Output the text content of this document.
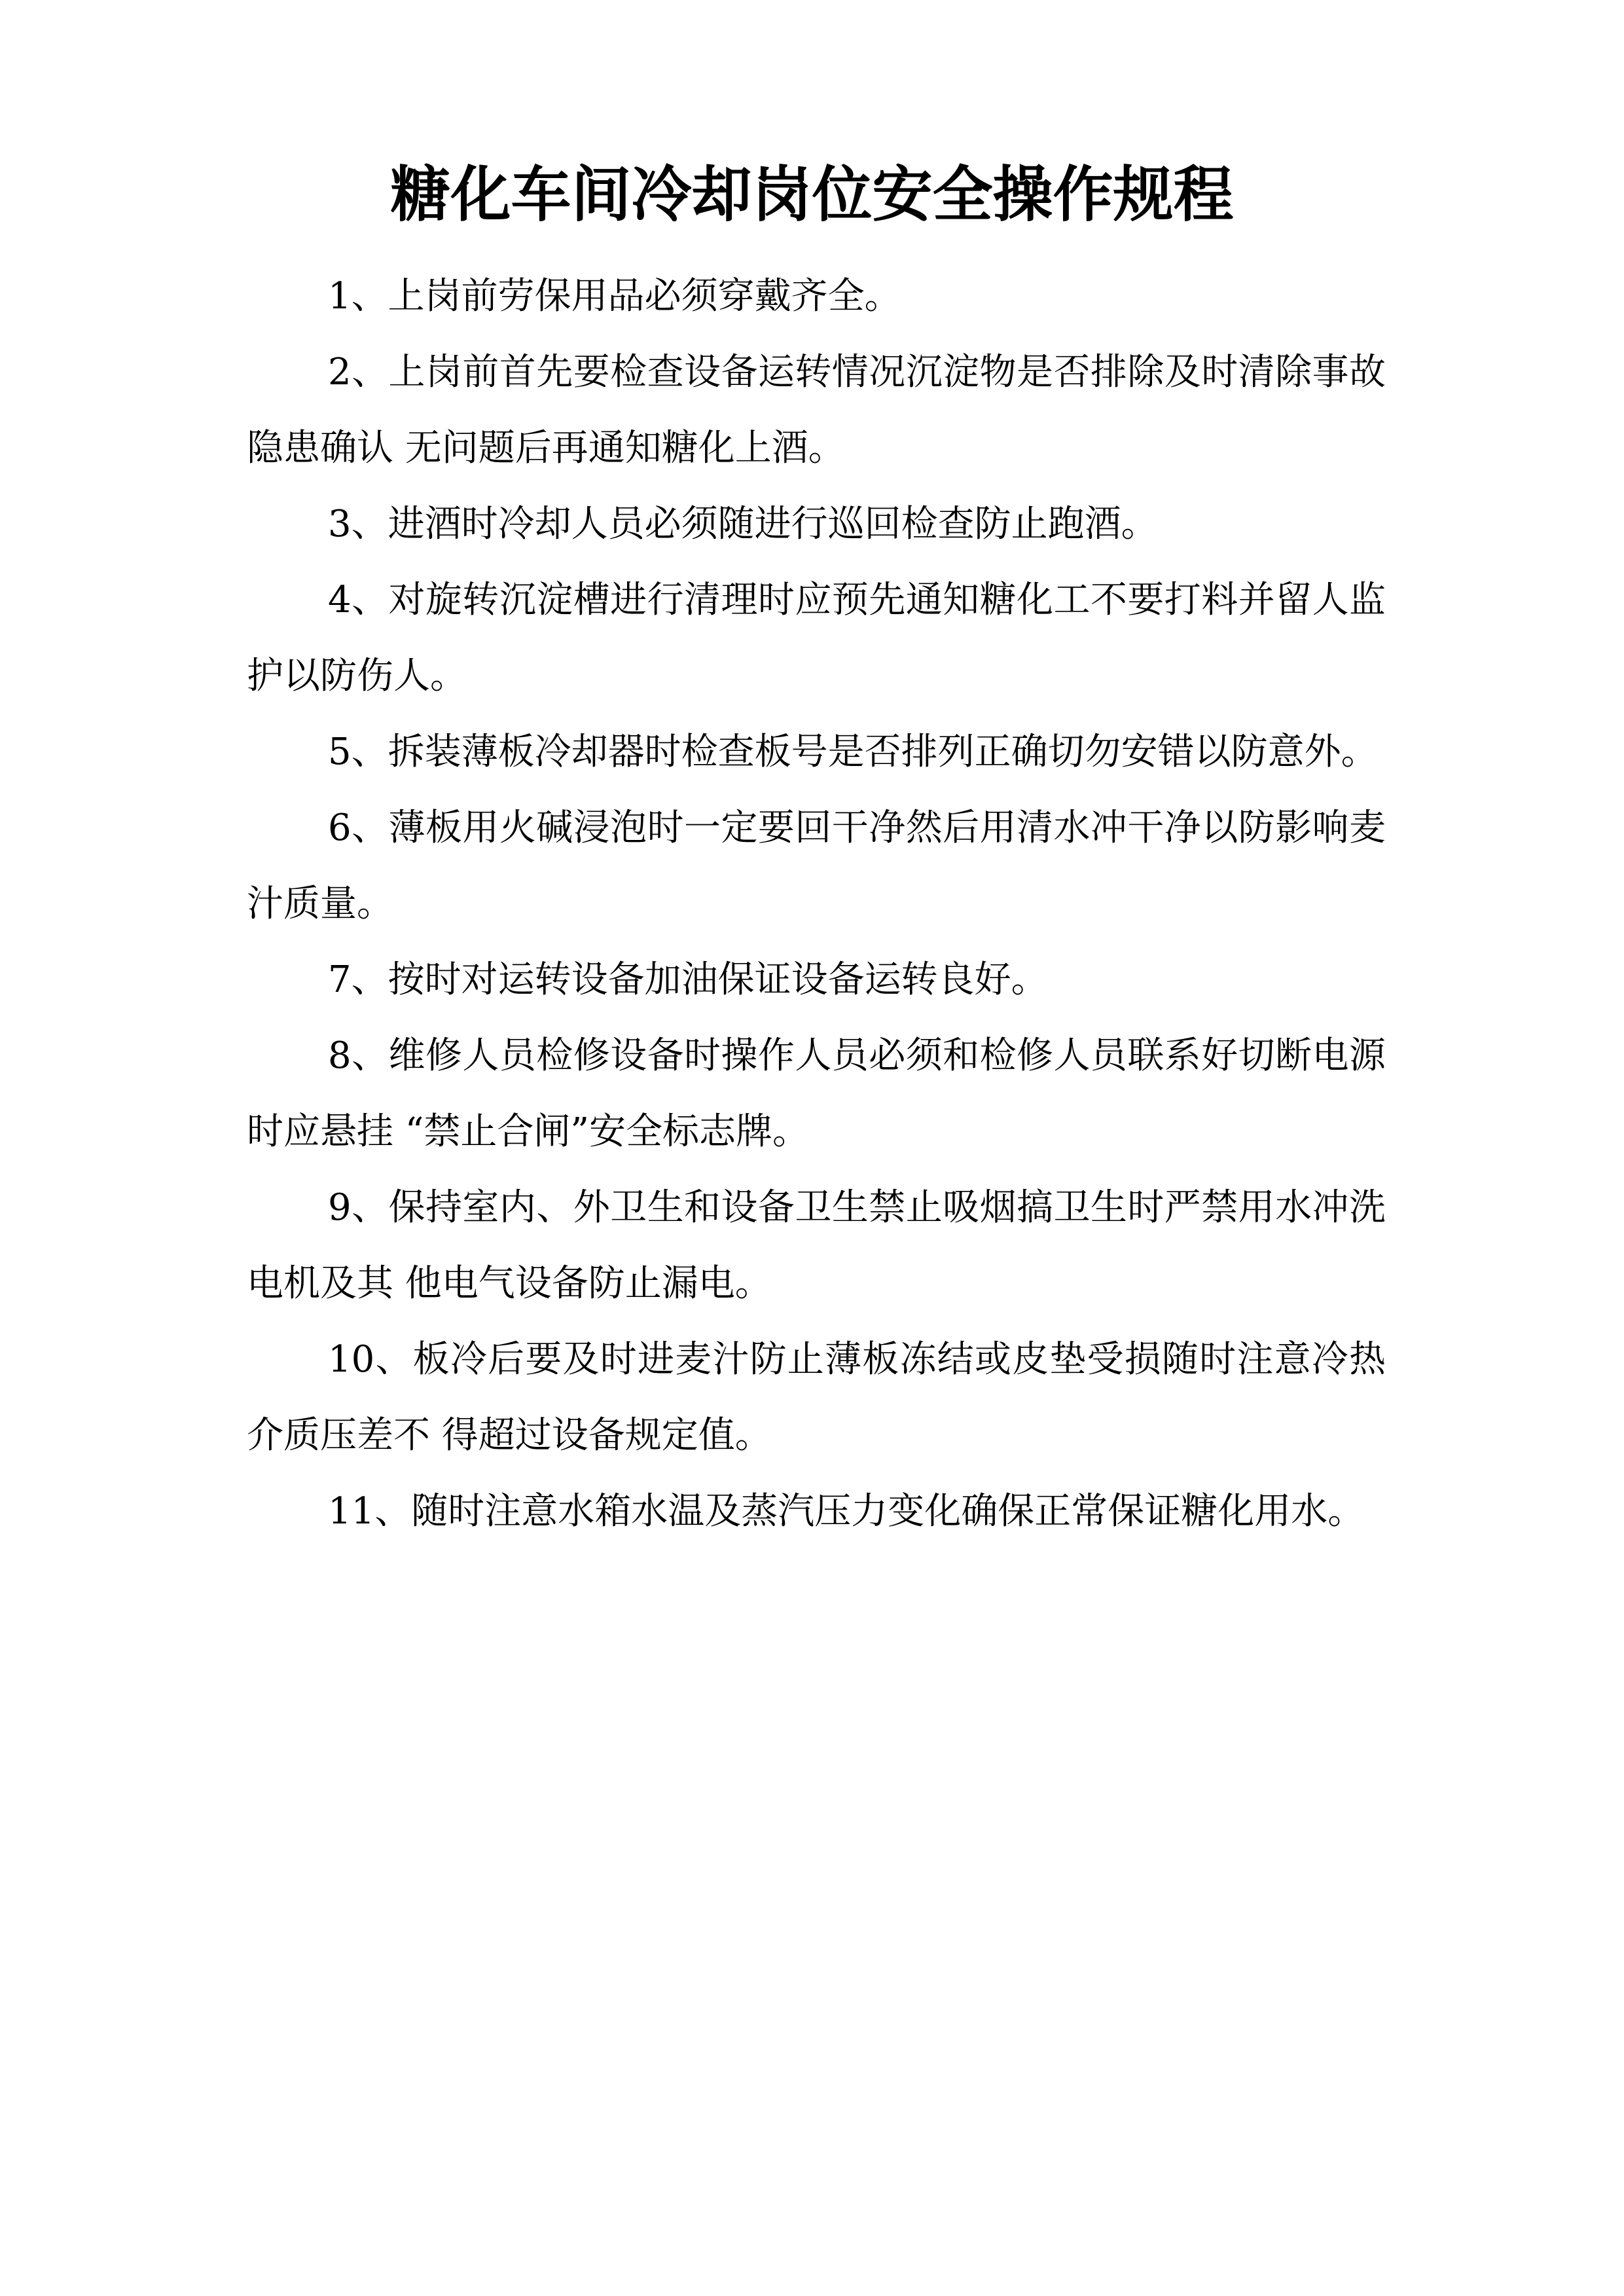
糖化车间冷却岗位安全操作规程

1、上岗前劳保用品必须穿戴齐全。

2、上岗前首先要检查设备运转情况沉淀物是否排除及时清除事故隐患确认 无问题后再通知糖化上酒。

3、进酒时冷却人员必须随进行巡回检查防止跑酒。

4、对旋转沉淀槽进行清理时应预先通知糖化工不要打料并留人监护以防伤人。

5、拆装薄板冷却器时检查板号是否排列正确切勿安错以防意外。

6、薄板用火碱浸泡时一定要回干净然后用清水冲干净以防影响麦汁质量。

7、按时对运转设备加油保证设备运转良好。

8、维修人员检修设备时操作人员必须和检修人员联系好切断电源时应悬挂 “禁止合闸”安全标志牌。

9、保持室内、外卫生和设备卫生禁止吸烟搞卫生时严禁用水冲洗电机及其 他电气设备防止漏电。

10、板冷后要及时进麦汁防止薄板冻结或皮垫受损随时注意冷热介质压差不 得超过设备规定值。

11、随时注意水箱水温及蒸汽压力变化确保正常保证糖化用水。
